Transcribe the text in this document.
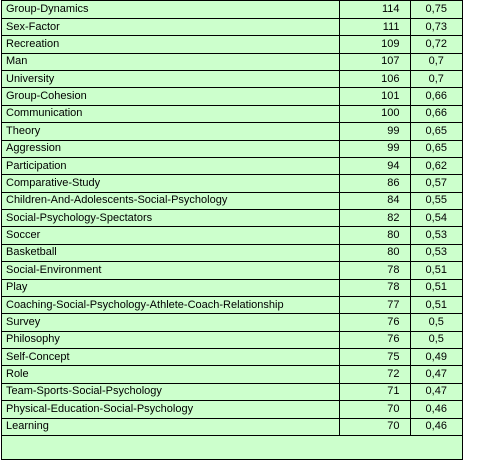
Group-Dynamics	114	0,75
Sex-Factor	111	0,73
Recreation	109	0,72
Man	107	0,7
University	106	0,7
Group-Cohesion	101	0,66
Communication	100	0,66
Theory	99	0,65
Aggression	99	0,65
Participation	94	0,62
Comparative-Study	86	0,57
Children-And-Adolescents-Social-Psychology	84	0,55
Social-Psychology-Spectators	82	0,54
Soccer	80	0,53
Basketball	80	0,53
Social-Environment	78	0,51
Play	78	0,51
Coaching-Social-Psychology-Athlete-Coach-Relationship	77	0,51
Survey	76	0,5
Philosophy	76	0,5
Self-Concept	75	0,49
Role	72	0,47
Team-Sports-Social-Psychology	71	0,47
Physical-Education-Social-Psychology	70	0,46
Learning	70	0,46
